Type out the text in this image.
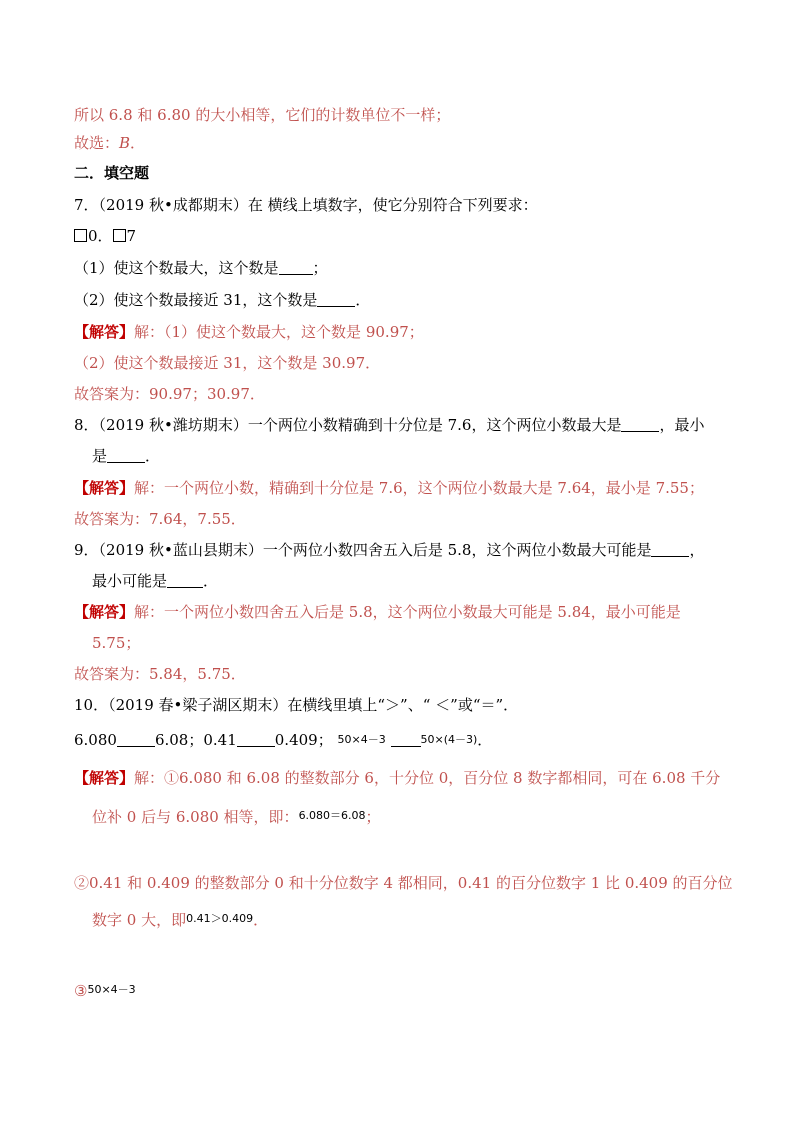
所以 6.8 和 6.80 的大小相等，它们的计数单位不一样；
故选：B．
二．填空题
7．（2019 秋•成都期末）在 横线上填数字，使它分别符合下列要求：
0． 7
（1）使这个数最大，这个数是 ；
（2）使这个数最接近 31，这个数是	．
【解答】解：（1）使这个数最大，这个数是 90.97；
（2）使这个数最接近 31，这个数是 30.97．
故答案为：90.97；30.97．
8．（2019 秋•潍坊期末）一个两位小数精确到十分位是 7.6，这个两位小数最大是	，最小
是	．
【解答】解：一个两位小数，精确到十分位是 7.6，这个两位小数最大是 7.64，最小是 7.55；
故答案为：7.64，7.55．
9．（2019 秋•蓝山县期末）一个两位小数四舍五入后是 5.8，这个两位小数最大可能是	，
最小可能是 ．
【解答】解：一个两位小数四舍五入后是 5.8，这个两位小数最大可能是 5.84，最小可能是
5.75；
故答案为：5.84，5.75．
10．（2019 春•梁子湖区期末）在横线里填上“＞”、“ ＜”或“＝”．
6.080	6.08；0.41	0.409； 50×4－3	50×(4－3)．
【解答】解：①6.080 和 6.08 的整数部分 6，十分位 0，百分位 8 数字都相同，可在 6.08 千分
位补 0 后与 6.080 相等，即：$^{6.080=6.08}$；
②0.41 和 0.409 的整数部分 0 和十分位数字 4 都相同，0.41 的百分位数字 1 比 0.409 的百分位
数字 0 大，即$^{0.41>0.409}$．
③$^{50\times 4-3}$
